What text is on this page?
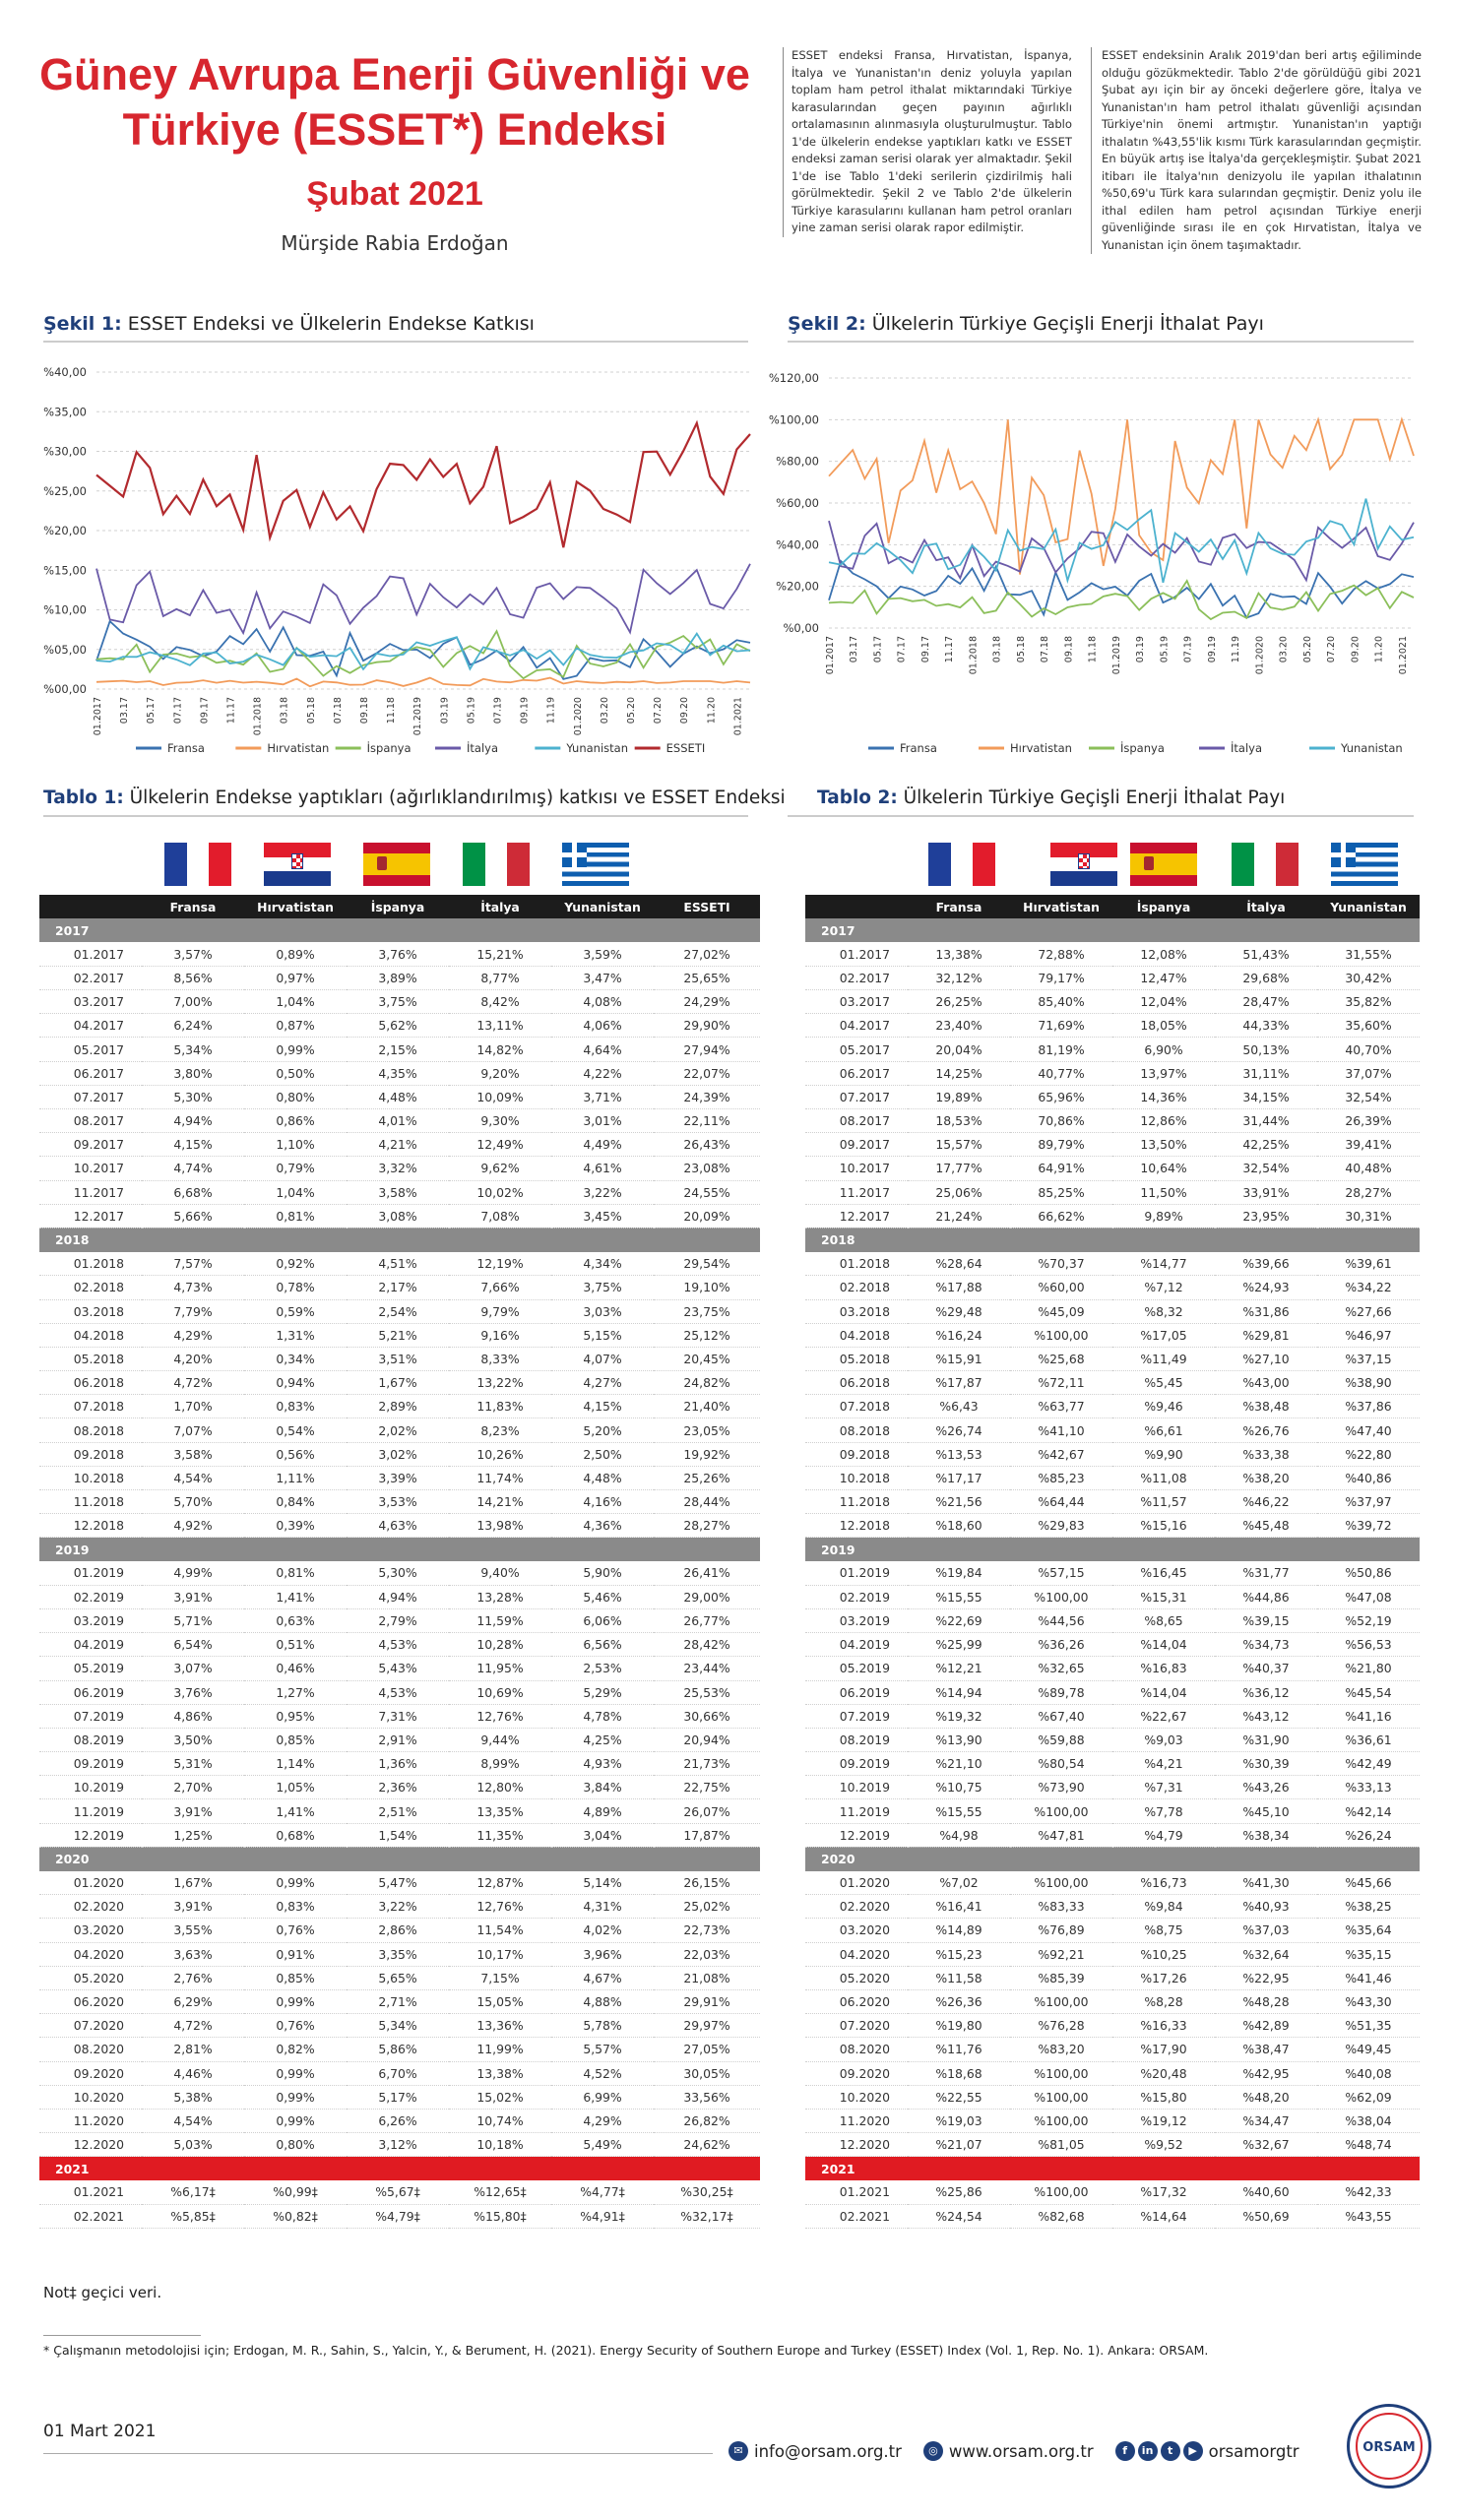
Güney Avrupa Enerji Güvenliği ve
Türkiye (ESSET*) Endeksi
Şubat 2021
Mürşide Rabia Erdoğan
ESSET endeksi Fransa, Hırvatistan, İspanya, İtalya ve Yunanistan'ın deniz yoluyla yapılan toplam ham petrol ithalat miktarındaki Türkiye karasularından geçen payının ağırlıklı ortalamasının alınmasıyla oluşturulmuştur. Tablo 1'de ülkelerin endekse yaptıkları katkı ve ESSET endeksi zaman serisi olarak yer almaktadır. Şekil 1'de ise Tablo 1'deki serilerin çizdirilmiş hali görülmektedir. Şekil 2 ve Tablo 2'de ülkelerin Türkiye karasularını kullanan ham petrol oranları yine zaman serisi olarak rapor edilmiştir.
ESSET endeksinin Aralık 2019'dan beri artış eğiliminde olduğu gözükmektedir. Tablo 2'de görüldüğü gibi 2021 Şubat ayı için bir ay önceki değerlere göre, İtalya ve Yunanistan'ın ham petrol ithalatı güvenliği açısından Türkiye'nin önemi artmıştır. Yunanistan'ın yaptığı ithalatın %43,55'lik kısmı Türk karasularından geçmiştir. En büyük artış ise İtalya'da gerçekleşmiştir. Şubat 2021 itibarı ile İtalya'nın denizyolu ile yapılan ithalatının %50,69'u Türk kara sularından geçmiştir. Deniz yolu ile ithal edilen ham petrol açısından Türkiye enerji güvenliğinde sırası ile en çok Hırvatistan, İtalya ve Yunanistan için önem taşımaktadır.
Şekil 1: ESSET Endeksi ve Ülkelerin Endekse Katkısı	Şekil 2: Ülkelerin Türkiye Geçişli Enerji İthalat Payı
%00,00
%05,00
%10,00
%15,00
%20,00
%25,00
%30,00
%35,00
%40,00
01.2017 03.17 05.17 07.17 09.17 11.17 01.2018 03.18 05.18 07.18 09.18 11.18 01.2019 03.19 05.19 07.19 09.19 11.19 01.2020 03.20 05.20 07.20 09.20 11.20 01.2021
Fransa	Hırvatistan	İspanya	İtalya	Yunanistan	ESSETI
%0,00
%20,00
%40,00
%60,00
%80,00
%100,00
%120,00
01.2017 03.17 05.17 07.17 09.17 11.17 01.2018 03.18 05.18 07.18 09.18 11.18 01.2019 03.19 05.19 07.19 09.19 11.19 01.2020 03.20 05.20 07.20 09.20 11.20 01.2021
Fransa	Hırvatistan	İspanya	İtalya	Yunanistan
Tablo 1: Ülkelerin Endekse yaptıkları (ağırlıklandırılmış) katkısı ve ESSET Endeksi Tablo 2: Ülkelerin Türkiye Geçişli Enerji İthalat Payı
	Fransa	Hırvatistan	İspanya	İtalya	Yunanistan	ESSETI
2017						
01.2017	3,57%	0,89%	3,76%	15,21%	3,59%	27,02%
02.2017	8,56%	0,97%	3,89%	8,77%	3,47%	25,65%
03.2017	7,00%	1,04%	3,75%	8,42%	4,08%	24,29%
04.2017	6,24%	0,87%	5,62%	13,11%	4,06%	29,90%
05.2017	5,34%	0,99%	2,15%	14,82%	4,64%	27,94%
06.2017	3,80%	0,50%	4,35%	9,20%	4,22%	22,07%
07.2017	5,30%	0,80%	4,48%	10,09%	3,71%	24,39%
08.2017	4,94%	0,86%	4,01%	9,30%	3,01%	22,11%
09.2017	4,15%	1,10%	4,21%	12,49%	4,49%	26,43%
10.2017	4,74%	0,79%	3,32%	9,62%	4,61%	23,08%
11.2017	6,68%	1,04%	3,58%	10,02%	3,22%	24,55%
12.2017	5,66%	0,81%	3,08%	7,08%	3,45%	20,09%
2018						
01.2018	7,57%	0,92%	4,51%	12,19%	4,34%	29,54%
02.2018	4,73%	0,78%	2,17%	7,66%	3,75%	19,10%
03.2018	7,79%	0,59%	2,54%	9,79%	3,03%	23,75%
04.2018	4,29%	1,31%	5,21%	9,16%	5,15%	25,12%
05.2018	4,20%	0,34%	3,51%	8,33%	4,07%	20,45%
06.2018	4,72%	0,94%	1,67%	13,22%	4,27%	24,82%
07.2018	1,70%	0,83%	2,89%	11,83%	4,15%	21,40%
08.2018	7,07%	0,54%	2,02%	8,23%	5,20%	23,05%
09.2018	3,58%	0,56%	3,02%	10,26%	2,50%	19,92%
10.2018	4,54%	1,11%	3,39%	11,74%	4,48%	25,26%
11.2018	5,70%	0,84%	3,53%	14,21%	4,16%	28,44%
12.2018	4,92%	0,39%	4,63%	13,98%	4,36%	28,27%
2019						
01.2019	4,99%	0,81%	5,30%	9,40%	5,90%	26,41%
02.2019	3,91%	1,41%	4,94%	13,28%	5,46%	29,00%
03.2019	5,71%	0,63%	2,79%	11,59%	6,06%	26,77%
04.2019	6,54%	0,51%	4,53%	10,28%	6,56%	28,42%
05.2019	3,07%	0,46%	5,43%	11,95%	2,53%	23,44%
06.2019	3,76%	1,27%	4,53%	10,69%	5,29%	25,53%
07.2019	4,86%	0,95%	7,31%	12,76%	4,78%	30,66%
08.2019	3,50%	0,85%	2,91%	9,44%	4,25%	20,94%
09.2019	5,31%	1,14%	1,36%	8,99%	4,93%	21,73%
10.2019	2,70%	1,05%	2,36%	12,80%	3,84%	22,75%
11.2019	3,91%	1,41%	2,51%	13,35%	4,89%	26,07%
12.2019	1,25%	0,68%	1,54%	11,35%	3,04%	17,87%
2020						
01.2020	1,67%	0,99%	5,47%	12,87%	5,14%	26,15%
02.2020	3,91%	0,83%	3,22%	12,76%	4,31%	25,02%
03.2020	3,55%	0,76%	2,86%	11,54%	4,02%	22,73%
04.2020	3,63%	0,91%	3,35%	10,17%	3,96%	22,03%
05.2020	2,76%	0,85%	5,65%	7,15%	4,67%	21,08%
06.2020	6,29%	0,99%	2,71%	15,05%	4,88%	29,91%
07.2020	4,72%	0,76%	5,34%	13,36%	5,78%	29,97%
08.2020	2,81%	0,82%	5,86%	11,99%	5,57%	27,05%
09.2020	4,46%	0,99%	6,70%	13,38%	4,52%	30,05%
10.2020	5,38%	0,99%	5,17%	15,02%	6,99%	33,56%
11.2020	4,54%	0,99%	6,26%	10,74%	4,29%	26,82%
12.2020	5,03%	0,80%	3,12%	10,18%	5,49%	24,62%
2021						
01.2021	%6,17‡	%0,99‡	%5,67‡	%12,65‡	%4,77‡	%30,25‡
02.2021	%5,85‡	%0,82‡	%4,79‡	%15,80‡	%4,91‡	%32,17‡
	Fransa	Hırvatistan	İspanya	İtalya	Yunanistan
2017					
01.2017	13,38%	72,88%	12,08%	51,43%	31,55%
02.2017	32,12%	79,17%	12,47%	29,68%	30,42%
03.2017	26,25%	85,40%	12,04%	28,47%	35,82%
04.2017	23,40%	71,69%	18,05%	44,33%	35,60%
05.2017	20,04%	81,19%	6,90%	50,13%	40,70%
06.2017	14,25%	40,77%	13,97%	31,11%	37,07%
07.2017	19,89%	65,96%	14,36%	34,15%	32,54%
08.2017	18,53%	70,86%	12,86%	31,44%	26,39%
09.2017	15,57%	89,79%	13,50%	42,25%	39,41%
10.2017	17,77%	64,91%	10,64%	32,54%	40,48%
11.2017	25,06%	85,25%	11,50%	33,91%	28,27%
12.2017	21,24%	66,62%	9,89%	23,95%	30,31%
2018					
01.2018	%28,64	%70,37	%14,77	%39,66	%39,61
02.2018	%17,88	%60,00	%7,12	%24,93	%34,22
03.2018	%29,48	%45,09	%8,32	%31,86	%27,66
04.2018	%16,24	%100,00	%17,05	%29,81	%46,97
05.2018	%15,91	%25,68	%11,49	%27,10	%37,15
06.2018	%17,87	%72,11	%5,45	%43,00	%38,90
07.2018	%6,43	%63,77	%9,46	%38,48	%37,86
08.2018	%26,74	%41,10	%6,61	%26,76	%47,40
09.2018	%13,53	%42,67	%9,90	%33,38	%22,80
10.2018	%17,17	%85,23	%11,08	%38,20	%40,86
11.2018	%21,56	%64,44	%11,57	%46,22	%37,97
12.2018	%18,60	%29,83	%15,16	%45,48	%39,72
2019					
01.2019	%19,84	%57,15	%16,45	%31,77	%50,86
02.2019	%15,55	%100,00	%15,31	%44,86	%47,08
03.2019	%22,69	%44,56	%8,65	%39,15	%52,19
04.2019	%25,99	%36,26	%14,04	%34,73	%56,53
05.2019	%12,21	%32,65	%16,83	%40,37	%21,80
06.2019	%14,94	%89,78	%14,04	%36,12	%45,54
07.2019	%19,32	%67,40	%22,67	%43,12	%41,16
08.2019	%13,90	%59,88	%9,03	%31,90	%36,61
09.2019	%21,10	%80,54	%4,21	%30,39	%42,49
10.2019	%10,75	%73,90	%7,31	%43,26	%33,13
11.2019	%15,55	%100,00	%7,78	%45,10	%42,14
12.2019	%4,98	%47,81	%4,79	%38,34	%26,24
2020					
01.2020	%7,02	%100,00	%16,73	%41,30	%45,66
02.2020	%16,41	%83,33	%9,84	%40,93	%38,25
03.2020	%14,89	%76,89	%8,75	%37,03	%35,64
04.2020	%15,23	%92,21	%10,25	%32,64	%35,15
05.2020	%11,58	%85,39	%17,26	%22,95	%41,46
06.2020	%26,36	%100,00	%8,28	%48,28	%43,30
07.2020	%19,80	%76,28	%16,33	%42,89	%51,35
08.2020	%11,76	%83,20	%17,90	%38,47	%49,45
09.2020	%18,68	%100,00	%20,48	%42,95	%40,08
10.2020	%22,55	%100,00	%15,80	%48,20	%62,09
11.2020	%19,03	%100,00	%19,12	%34,47	%38,04
12.2020	%21,07	%81,05	%9,52	%32,67	%48,74
2021					
01.2021	%25,86	%100,00	%17,32	%40,60	%42,33
02.2021	%24,54	%82,68	%14,64	%50,69	%43,55
Not‡ geçici veri.
* Çalışmanın metodolojisi için; Erdogan, M. R., Sahin, S., Yalcin, Y., & Berument, H. (2021). Energy Security of Southern Europe and Turkey (ESSET) Index (Vol. 1, Rep. No. 1). Ankara: ORSAM.
01 Mart 2021
✉ info@orsam.org.tr	◎ www.orsam.org.tr	f	in	t	▶ orsamorgtr	ORSAM
